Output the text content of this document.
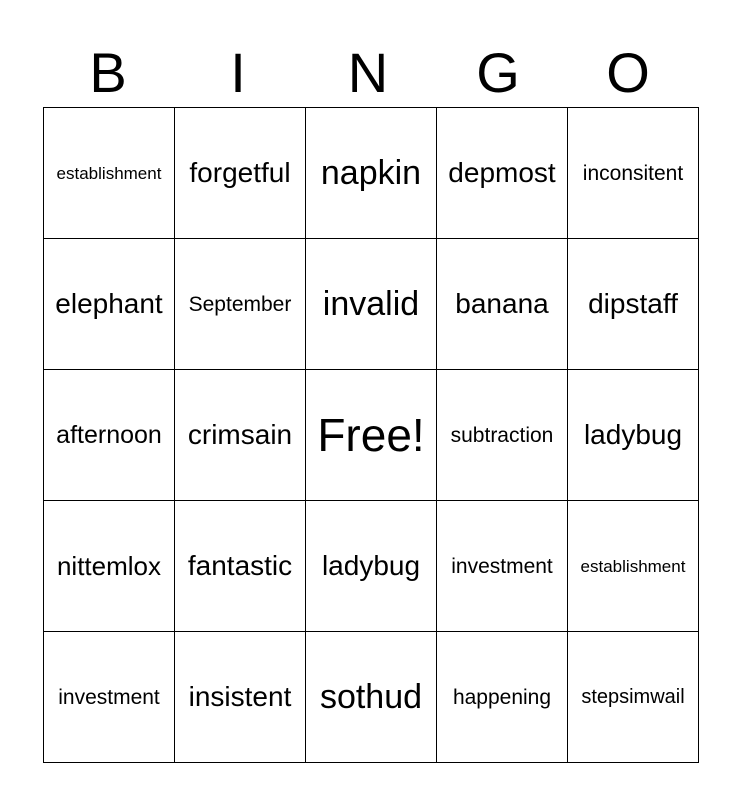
B	I	N	G	O
establishment	forgetful	napkin	depmost	inconsitent
elephant	September	invalid	banana	dipstaff
afternoon	crimsain	Free!	subtraction	ladybug
nittemlox	fantastic	ladybug	investment	establishment
investment	insistent	sothud	happening	stepsimwail
